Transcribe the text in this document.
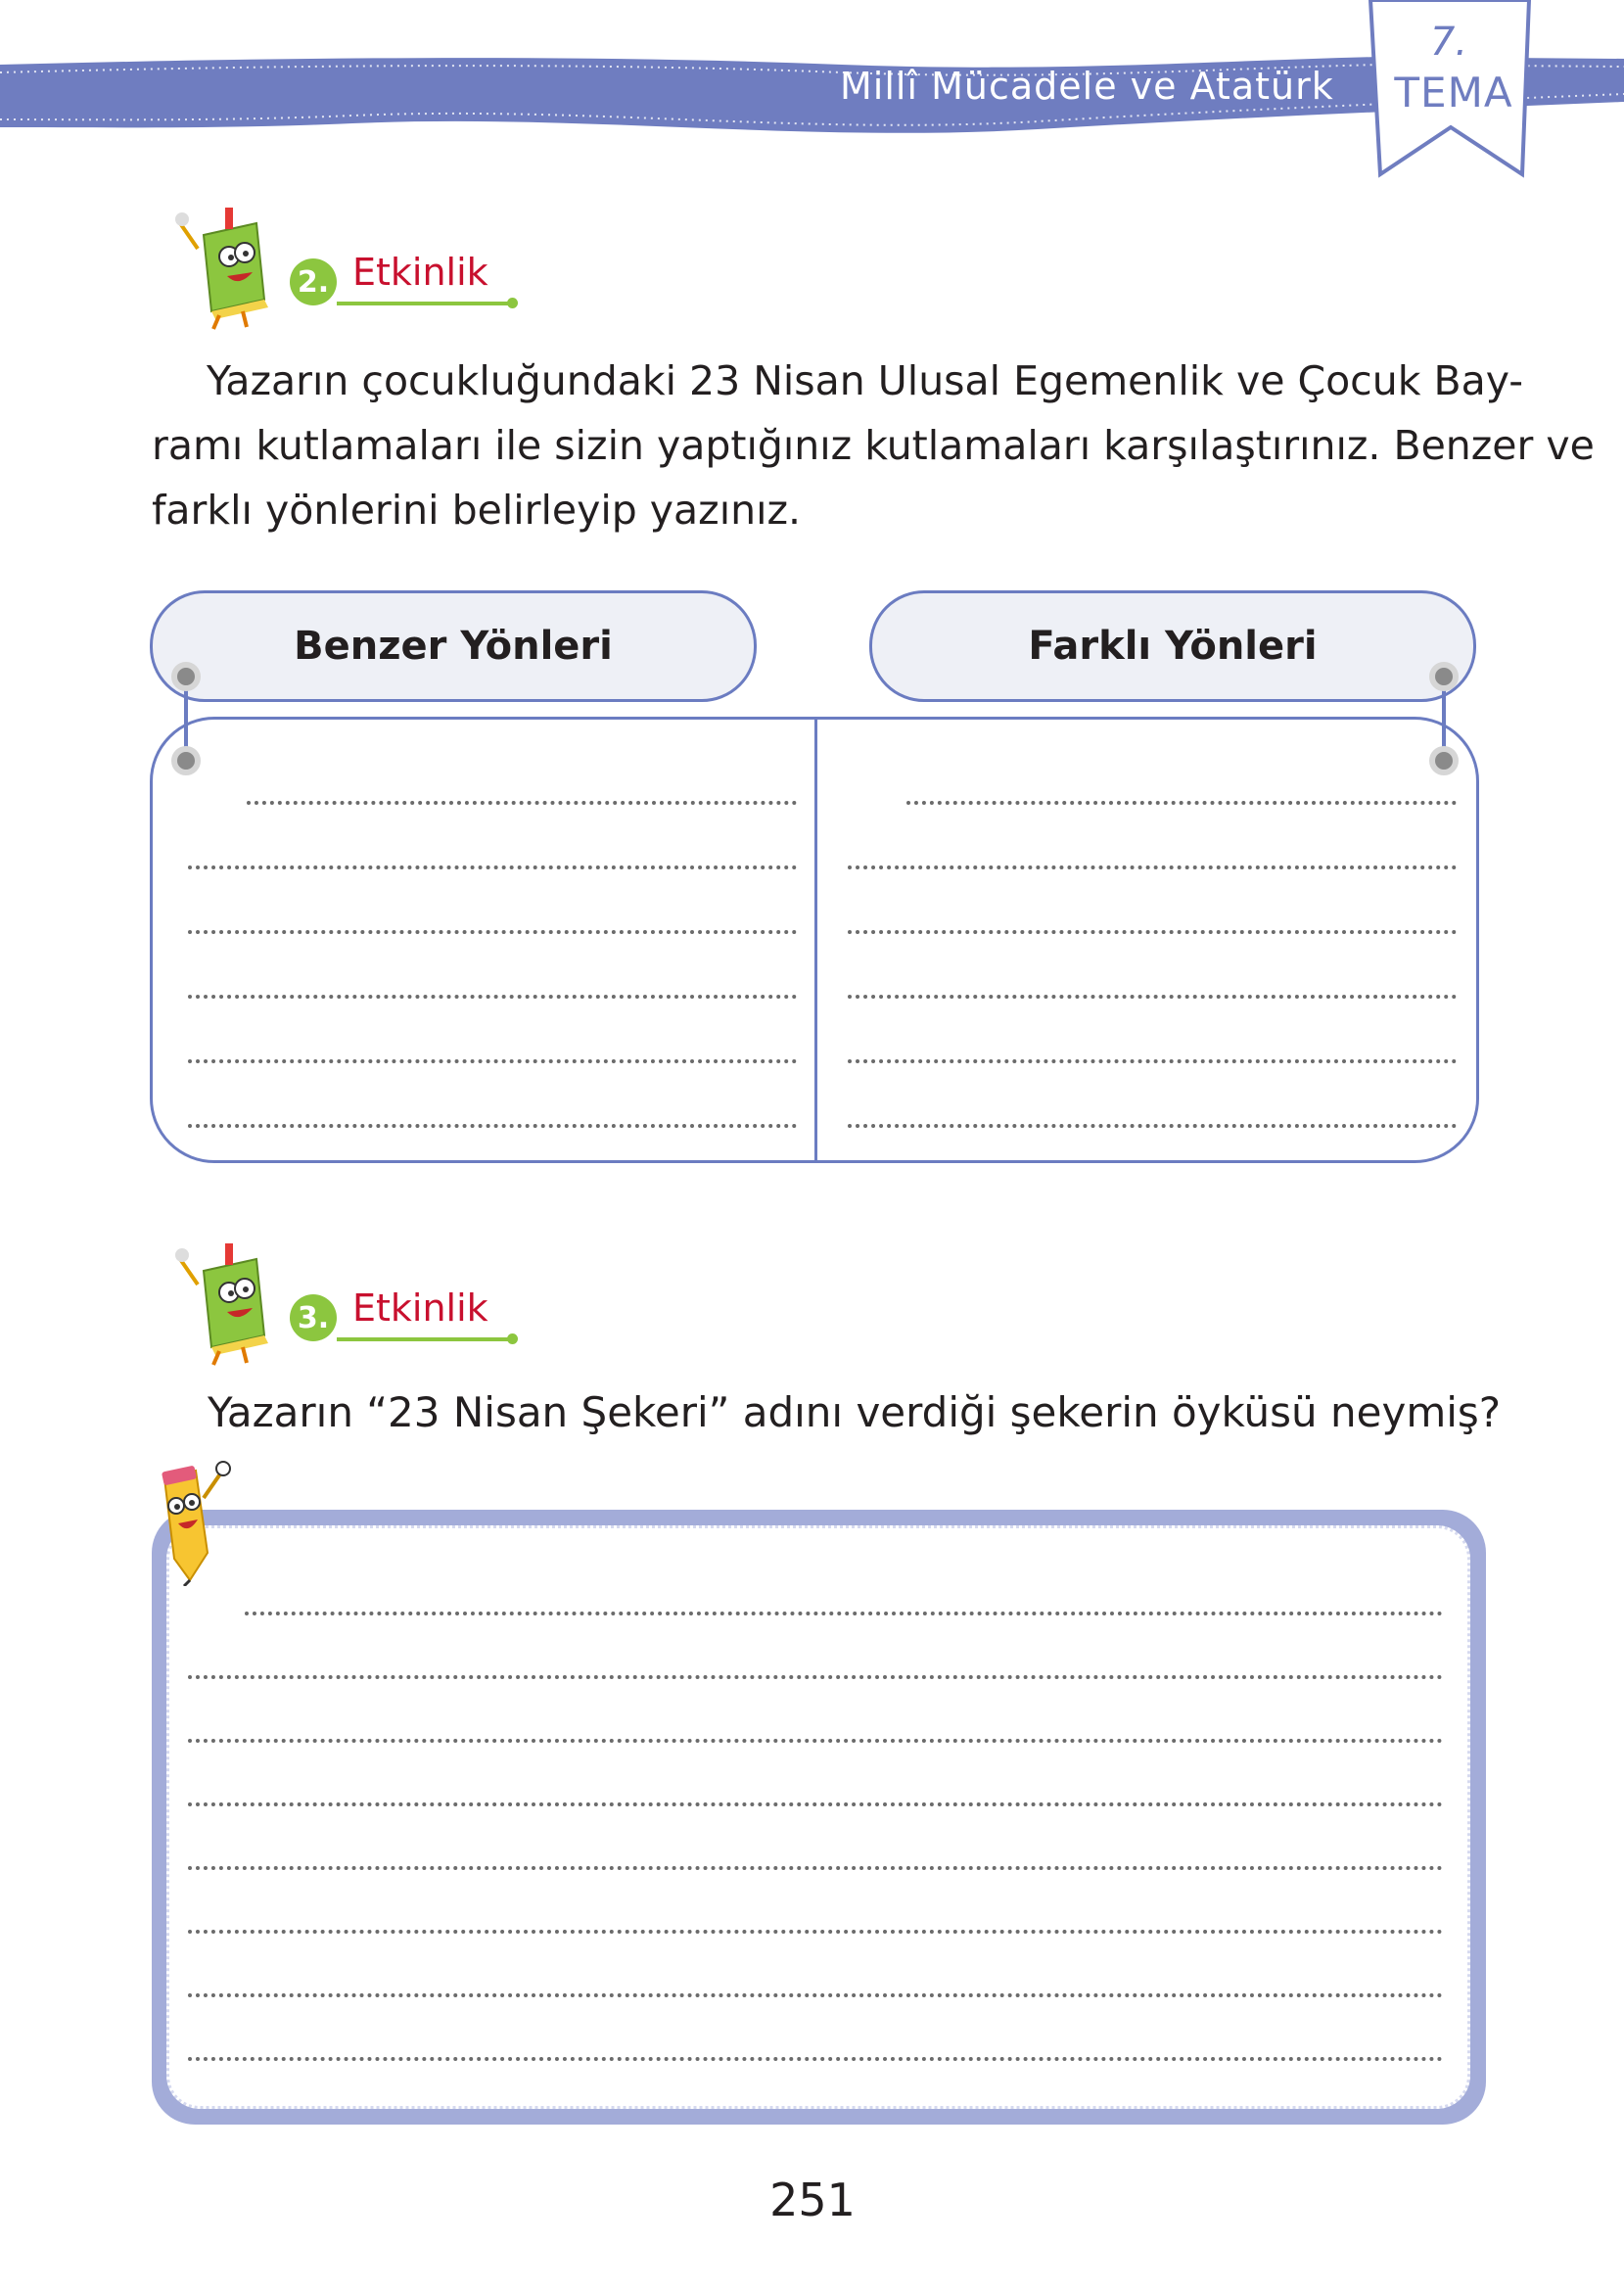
Millî Mücadele ve Atatürk
7.
TEMA
2. Etkinlik
Yazarın çocukluğundaki 23 Nisan Ulusal Egemenlik ve Çocuk Bay-
ramı kutlamaları ile sizin yaptığınız kutlamaları karşılaştırınız. Benzer ve
farklı yönlerini belirleyip yazınız.
Benzer Yönleri	Farklı Yönleri
3. Etkinlik
Yazarın “23 Nisan Şekeri” adını verdiği şekerin öyküsü neymiş?
251
